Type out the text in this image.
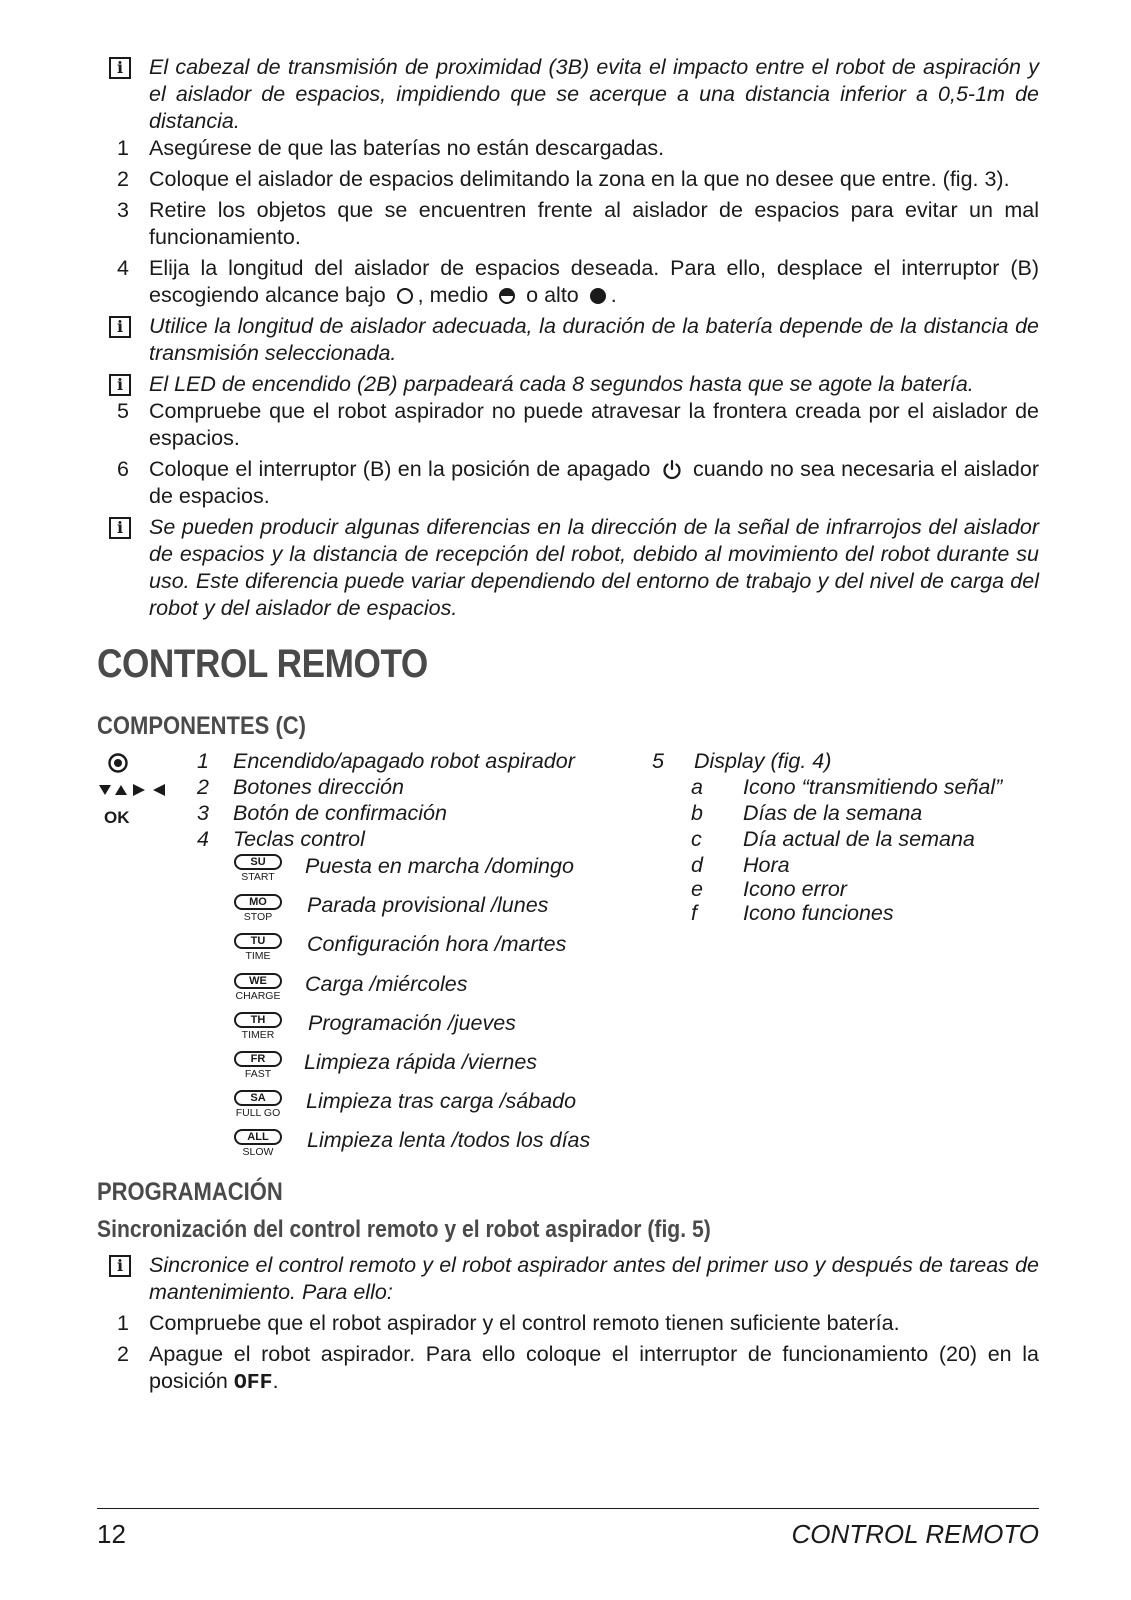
i	El cabezal de transmisión de proximidad (3B) evita el impacto entre el robot de aspiración y el aislador de espacios, impidiendo que se acerque a una distancia inferior a 0,5-1m de distancia.
1 Asegúrese de que las baterías no están descargadas.
2 Coloque el aislador de espacios delimitando la zona en la que no desee que entre. (fig. 3).
3 Retire los objetos que se encuentren frente al aislador de espacios para evitar un mal funcionamiento.
4 Elija la longitud del aislador de espacios deseada. Para ello, desplace el interruptor (B) escogiendo alcance bajo , medio o alto .
i	Utilice la longitud de aislador adecuada, la duración de la batería depende de la distancia de transmisión seleccionada.
i	El LED de encendido (2B) parpadeará cada 8 segundos hasta que se agote la batería.
5 Compruebe que el robot aspirador no puede atravesar la frontera creada por el aislador de espacios.
6 Coloque el interruptor (B) en la posición de apagado cuando no sea necesaria el aislador de espacios.
i	Se pueden producir algunas diferencias en la dirección de la señal de infrarrojos del aislador de espacios y la distancia de recepción del robot, debido al movimiento del robot durante su uso. Este diferencia puede variar dependiendo del entorno de trabajo y del nivel de carga del robot y del aislador de espacios.
CONTROL REMOTO
COMPONENTES (C)
OK
1 Encendido/apagado robot aspirador
2 Botones dirección
3 Botón de confirmación
4 Teclas control
SU
START	Puesta en marcha /domingo
MO
STOP	Parada provisional /lunes
TU
TIME	Configuración hora /martes
WE
CHARGE Carga /miércoles
TH
TIMER	Programación /jueves
FR
FAST	Limpieza rápida /viernes
SA
FULL GO Limpieza tras carga /sábado
ALL
SLOW	Limpieza lenta /todos los días
5 Display (fig. 4)
a Icono “transmitiendo señal”
b Días de la semana
c Día actual de la semana
d Hora
e Icono error
f Icono funciones
PROGRAMACIÓN
Sincronización del control remoto y el robot aspirador (fig. 5)
i	Sincronice el control remoto y el robot aspirador antes del primer uso y después de tareas de mantenimiento. Para ello:
1 Compruebe que el robot aspirador y el control remoto tienen suficiente batería.
2 Apague el robot aspirador. Para ello coloque el interruptor de funcionamiento (20) en la posición OFF.
12	CONTROL REMOTO
